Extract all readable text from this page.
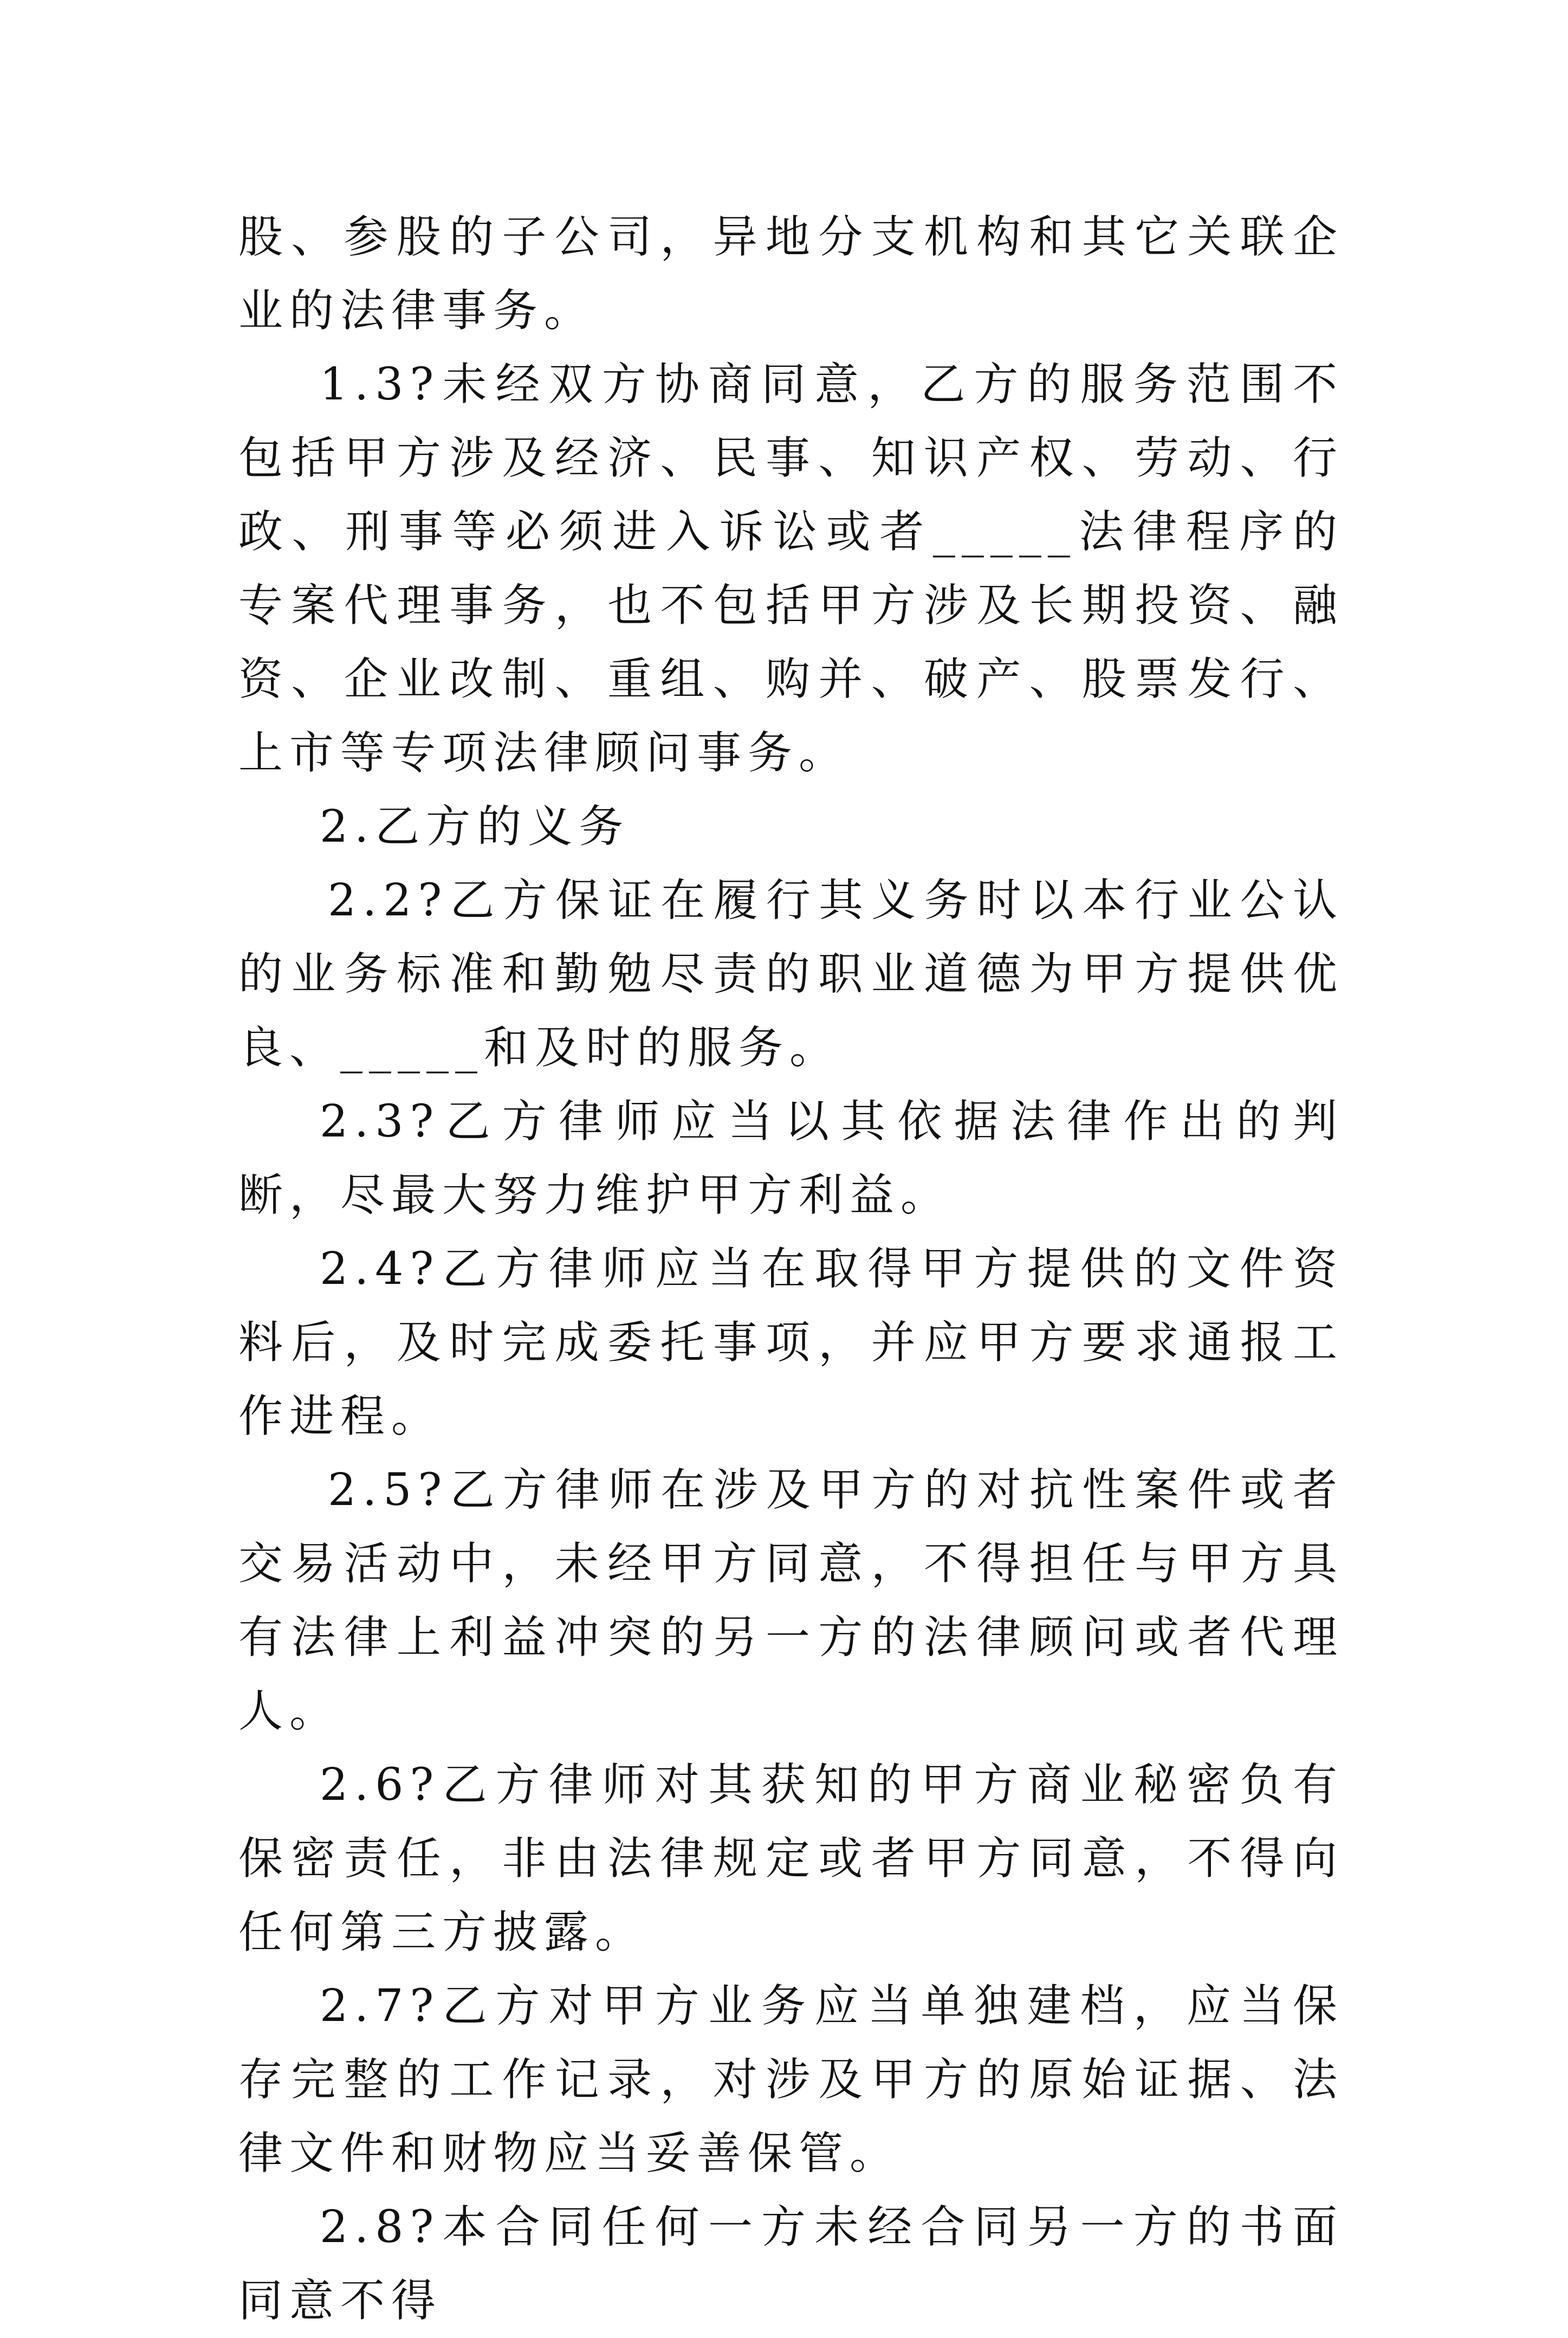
股、参股的子公司，异地分支机构和其它关联企业的法律事务。

1.3?未经双方协商同意，乙方的服务范围不包括甲方涉及经济、民事、知识产权、劳动、行政、刑事等必须进入诉讼或者_____法律程序的专案代理事务，也不包括甲方涉及长期投资、融资、企业改制、重组、购并、破产、股票发行、上市等专项法律顾问事务。

2.乙方的义务

2.2?乙方保证在履行其义务时以本行业公认的业务标准和勤勉尽责的职业道德为甲方提供优良、_____和及时的服务。

2.3?乙方律师应当以其依据法律作出的判断，尽最大努力维护甲方利益。

2.4?乙方律师应当在取得甲方提供的文件资料后，及时完成委托事项，并应甲方要求通报工作进程。

2.5?乙方律师在涉及甲方的对抗性案件或者交易活动中，未经甲方同意，不得担任与甲方具有法律上利益冲突的另一方的法律顾问或者代理人。

2.6?乙方律师对其获知的甲方商业秘密负有保密责任，非由法律规定或者甲方同意，不得向任何第三方披露。

2.7?乙方对甲方业务应当单独建档，应当保存完整的工作记录，对涉及甲方的原始证据、法律文件和财物应当妥善保管。

2.8?本合同任何一方未经合同另一方的书面同意不得
